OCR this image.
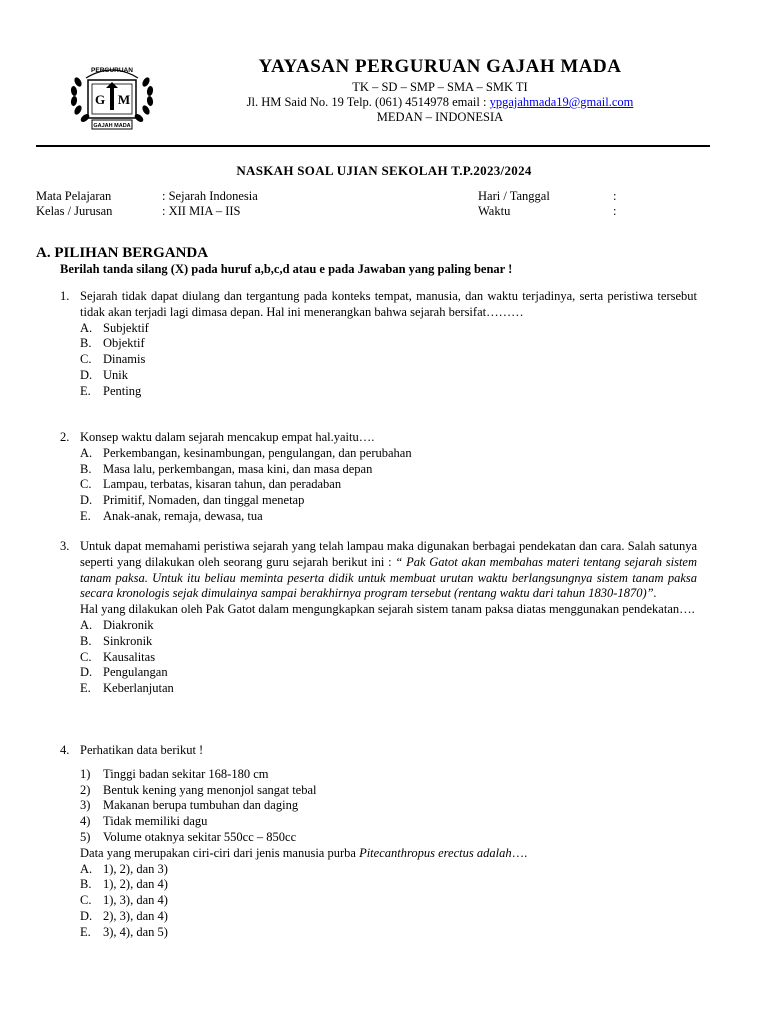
PERGURUAN
G M
GAJAH MADA
YAYASAN PERGURUAN GAJAH MADA
TK – SD – SMP – SMA – SMK TI
Jl. HM Said No. 19 Telp. (061) 4514978 email : ypgajahmada19@gmail.com
MEDAN – INDONESIA
NASKAH SOAL UJIAN SEKOLAH T.P.2023/2024
Mata Pelajaran	: Sejarah Indonesia
Kelas / Jurusan	: XII MIA – IIS
Hari / Tanggal	:
Waktu	:
A. PILIHAN BERGANDA
Berilah tanda silang (X) pada huruf a,b,c,d atau e pada Jawaban yang paling benar !
1. Sejarah tidak dapat diulang dan tergantung pada konteks tempat, manusia, dan waktu terjadinya, serta peristiwa tersebut tidak akan terjadi lagi dimasa depan. Hal ini menerangkan bahwa sejarah bersifat………
A. Subjektif
B. Objektif
C. Dinamis
D. Unik
E. Penting
2. Konsep waktu dalam sejarah mencakup empat hal.yaitu….
A. Perkembangan, kesinambungan, pengulangan, dan perubahan
B. Masa lalu, perkembangan, masa kini, dan masa depan
C. Lampau, terbatas, kisaran tahun, dan peradaban
D. Primitif, Nomaden, dan tinggal menetap
E. Anak-anak, remaja, dewasa, tua
3. Untuk dapat memahami peristiwa sejarah yang telah lampau maka digunakan berbagai pendekatan dan cara. Salah satunya seperti yang dilakukan oleh seorang guru sejarah berikut ini : “ Pak Gatot akan membahas materi tentang sejarah sistem tanam paksa. Untuk itu beliau meminta peserta didik untuk membuat urutan waktu berlangsungnya sistem tanam paksa secara kronologis sejak dimulainya sampai berakhirnya program tersebut (rentang waktu dari tahun 1830-1870)”.
Hal yang dilakukan oleh Pak Gatot dalam mengungkapkan sejarah sistem tanam paksa diatas menggunakan pendekatan….
A. Diakronik
B. Sinkronik
C. Kausalitas
D. Pengulangan
E. Keberlanjutan
4. Perhatikan data berikut !
1) Tinggi badan sekitar 168-180 cm
2) Bentuk kening yang menonjol sangat tebal
3) Makanan berupa tumbuhan dan daging
4) Tidak memiliki dagu
5) Volume otaknya sekitar 550cc – 850cc
Data yang merupakan ciri-ciri dari jenis manusia purba Pitecanthropus erectus adalah….
A. 1), 2), dan 3)
B. 1), 2), dan 4)
C. 1), 3), dan 4)
D. 2), 3), dan 4)
E. 3), 4), dan 5)
